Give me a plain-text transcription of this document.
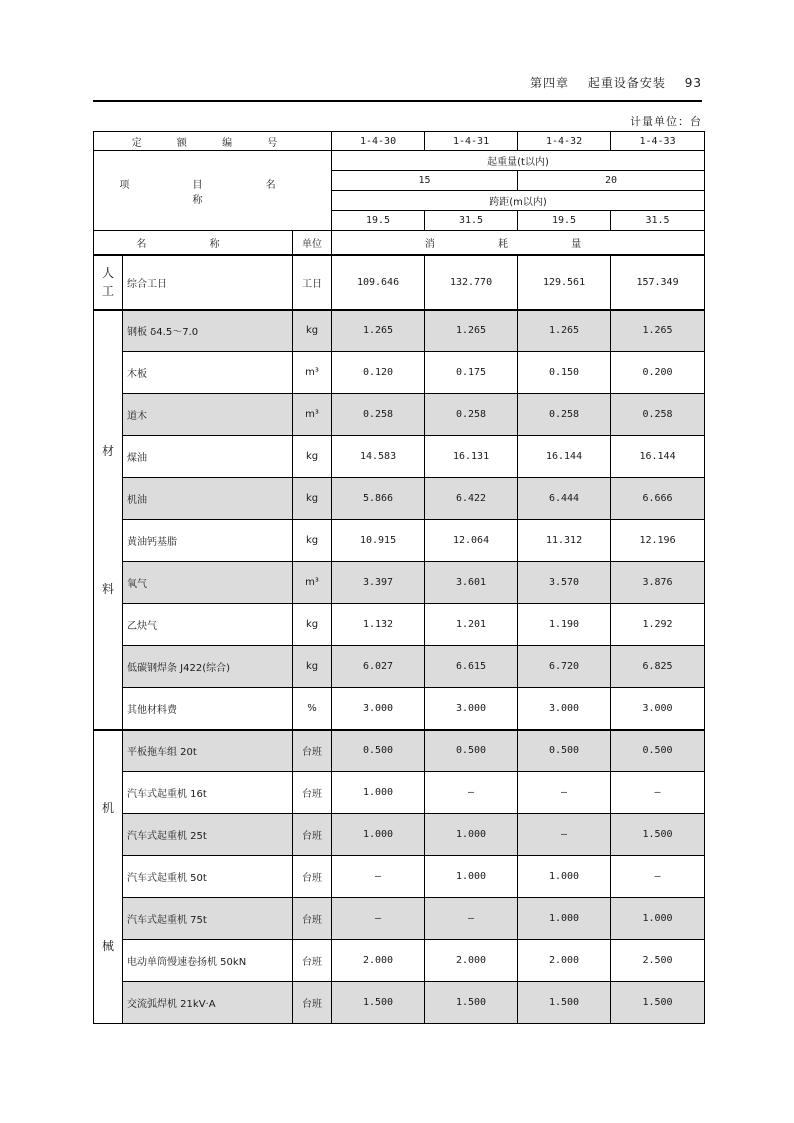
第四章 起重设备安装 93
计量单位：台
定 额 编 号			1-4-30	1-4-31	1-4-32	1-4-33
项 目 名 称			起重量(t以内)			
			15		20	
			跨距(m以内)			
			19.5	31.5	19.5	31.5
名 称		单位	消 耗 量			
人工	综合工日	工日	109.646	132.770	129.561	157.349
材
料	钢板 δ4.5～7.0	kg	1.265	1.265	1.265	1.265
	木板	m³	0.120	0.175	0.150	0.200
	道木	m³	0.258	0.258	0.258	0.258
	煤油	kg	14.583	16.131	16.144	16.144
	机油	kg	5.866	6.422	6.444	6.666
	黄油钙基脂	kg	10.915	12.064	11.312	12.196
	氧气	m³	3.397	3.601	3.570	3.876
	乙炔气	kg	1.132	1.201	1.190	1.292
	低碳钢焊条 J422(综合)	kg	6.027	6.615	6.720	6.825
	其他材料费	%	3.000	3.000	3.000	3.000
机
械	平板拖车组 20t	台班	0.500	0.500	0.500	0.500
	汽车式起重机 16t	台班	1.000	—	—	—
	汽车式起重机 25t	台班	1.000	1.000	—	1.500
	汽车式起重机 50t	台班	—	1.000	1.000	—
	汽车式起重机 75t	台班	—	—	1.000	1.000
	电动单筒慢速卷扬机 50kN	台班	2.000	2.000	2.000	2.500
	交流弧焊机 21kV·A	台班	1.500	1.500	1.500	1.500
